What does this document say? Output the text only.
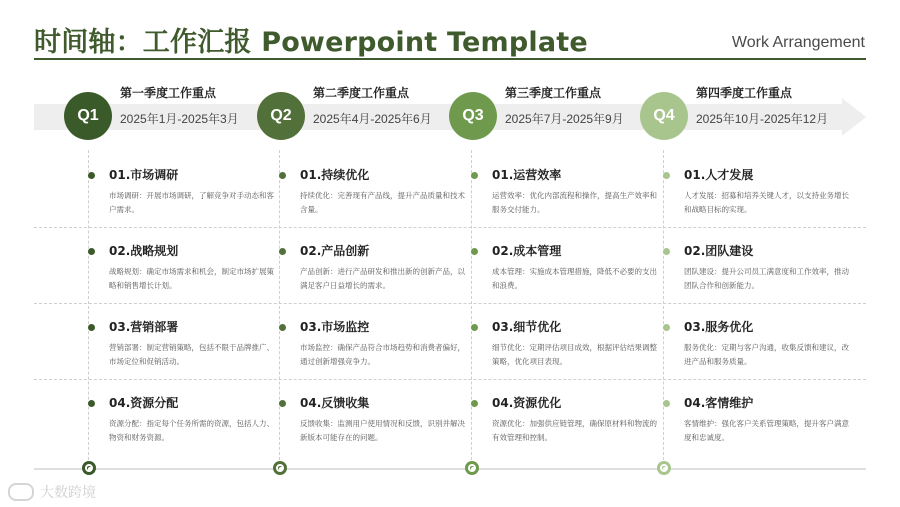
时间轴：工作汇报 Powerpoint Template	Work Arrangement
Q1
第一季度工作重点
2025年1月-2025年3月	Q2
第二季度工作重点
2025年4月-2025年6月	Q3
第三季度工作重点
2025年7月-2025年9月	Q4
第四季度工作重点
2025年10月-2025年12月
01.市场调研
市场调研：开展市场调研，了解竞争对手动态和客户需求。
02.战略规划
战略规划：确定市场需求和机会，制定市场扩展策略和销售增长计划。
03.营销部署
营销部署：制定营销策略，包括不限于品牌推广、市场定位和促销活动。
04.资源分配
资源分配：指定每个任务所需的资源，包括人力、物资和财务资源。
01.持续优化
持续优化：完善现有产品线，提升产品质量和技术含量。
02.产品创新
产品创新：进行产品研发和推出新的创新产品，以满足客户日益增长的需求。
03.市场监控
市场监控：确保产品符合市场趋势和消费者偏好，通过创新增强竞争力。
04.反馈收集
反馈收集：监测用户使用情况和反馈，识别并解决新版本可能存在的问题。
01.运营效率
运营效率：优化内部流程和操作，提高生产效率和服务交付能力。
02.成本管理
成本管理：实施成本管理措施，降低不必要的支出和浪费。
03.细节优化
细节优化：定期评估项目成效，根据评估结果调整策略，优化项目表现。
04.资源优化
资源优化：加强供应链管理，确保原材料和物流的有效管理和控制。
01.人才发展
人才发展：招募和培养关键人才，以支持业务增长和战略目标的实现。
02.团队建设
团队建设：提升公司员工满意度和工作效率，推动团队合作和创新能力。
03.服务优化
服务优化：定期与客户沟通，收集反馈和建议，改进产品和服务质量。
04.客情维护
客情维护：强化客户关系管理策略，提升客户满意度和忠诚度。
大数跨境
